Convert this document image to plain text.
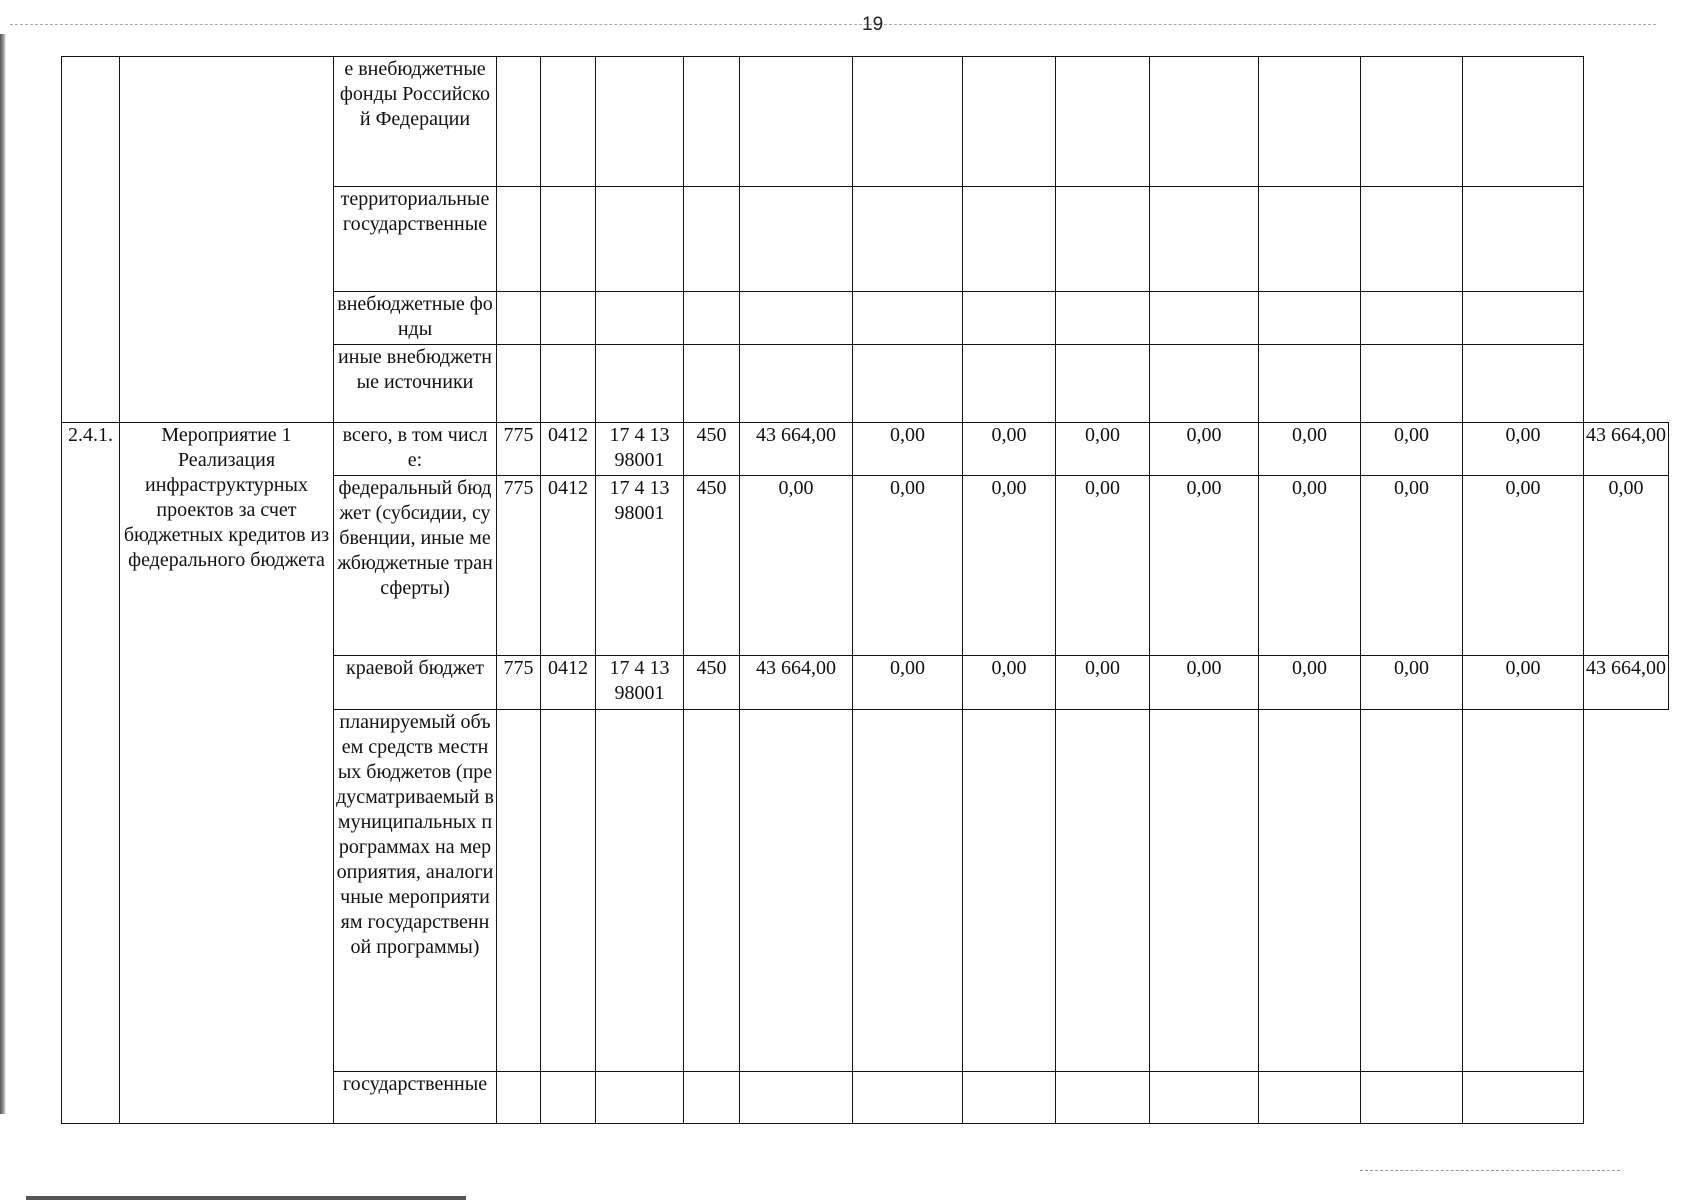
19
		е внебюджетные фонды Российской Федерации													
		территориальные государственные													
		внебюджетные фонды													
		иные внебюджетные источники													
2.4.1.	Мероприятие 1 Реализация инфраструктурных проектов за счет бюджетных кредитов из федерального бюджета	всего, в том числе:	775	0412	17 4 13 98001	450	43 664,00	0,00	0,00	0,00	0,00	0,00	0,00	0,00	43 664,00
		федеральный бюджет (субсидии, субвенции, иные межбюджетные трансферты)	775	0412	17 4 13 98001	450	0,00	0,00	0,00	0,00	0,00	0,00	0,00	0,00	0,00
		краевой бюджет	775	0412	17 4 13 98001	450	43 664,00	0,00	0,00	0,00	0,00	0,00	0,00	0,00	43 664,00
		планируемый объем средств местных бюджетов (предусматриваемый в муниципальных программах на мероприятия, аналогичные мероприятиям государственной программы)													
		государственные													
